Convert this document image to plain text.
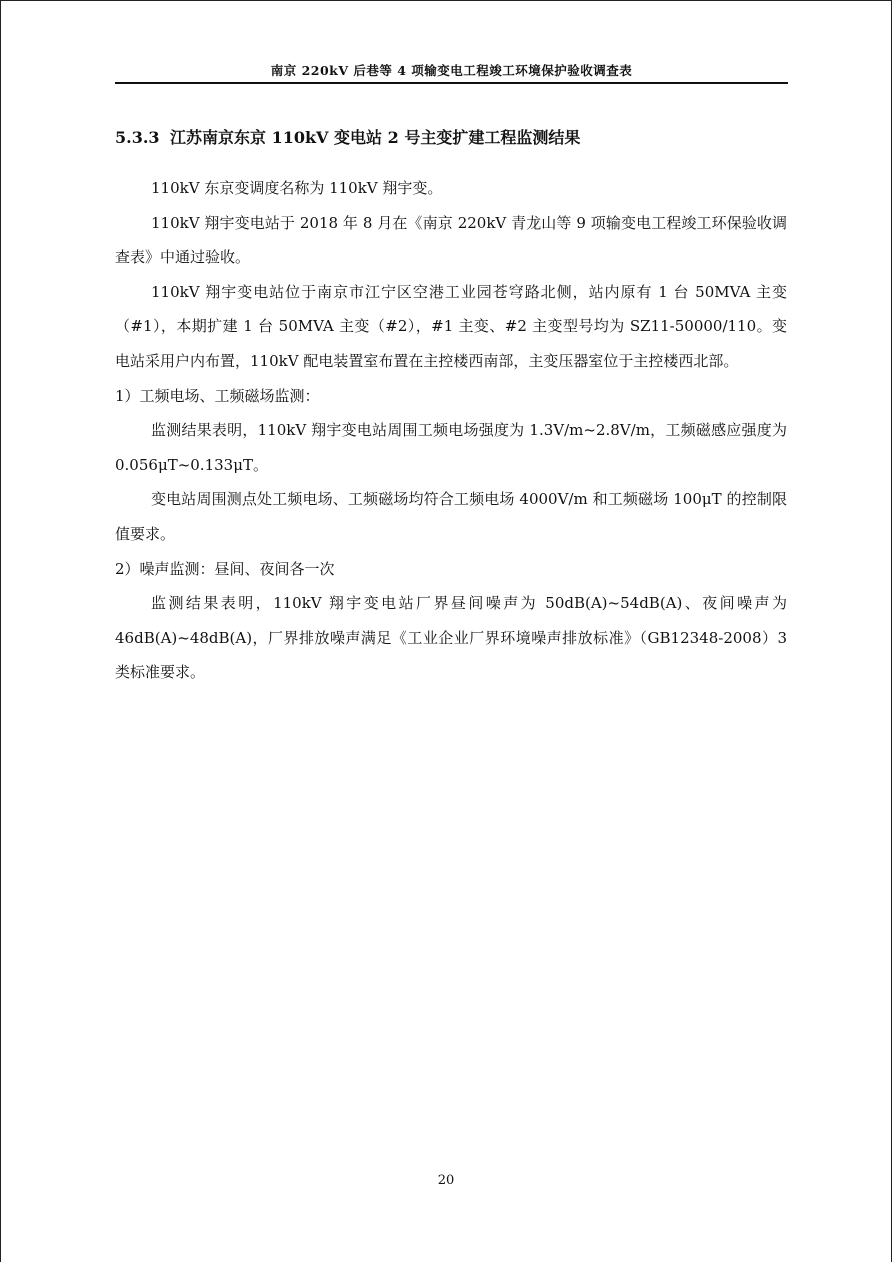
南京 220kV 后巷等 4 项输变电工程竣工环境保护验收调查表
5.3.3 江苏南京东京 110kV 变电站 2 号主变扩建工程监测结果

110kV 东京变调度名称为 110kV 翔宇变。

110kV 翔宇变电站于 2018 年 8 月在《南京 220kV 青龙山等 9 项输变电工程竣工环保验收调查表》中通过验收。

110kV 翔宇变电站位于南京市江宁区空港工业园苍穹路北侧，站内原有 1 台 50MVA 主变（#1），本期扩建 1 台 50MVA 主变（#2），#1 主变、#2 主变型号均为 SZ11-50000/110。变电站采用户内布置，110kV 配电装置室布置在主控楼西南部，主变压器室位于主控楼西北部。

1）工频电场、工频磁场监测：

监测结果表明，110kV 翔宇变电站周围工频电场强度为 1.3V/m~2.8V/m，工频磁感应强度为 0.056μT~0.133μT。

变电站周围测点处工频电场、工频磁场均符合工频电场 4000V/m 和工频磁场 100μT 的控制限值要求。

2）噪声监测：昼间、夜间各一次

监测结果表明，110kV 翔宇变电站厂界昼间噪声为 50dB(A)~54dB(A)、夜间噪声为 46dB(A)~48dB(A)，厂界排放噪声满足《工业企业厂界环境噪声排放标准》（GB12348-2008）3 类标准要求。

20
